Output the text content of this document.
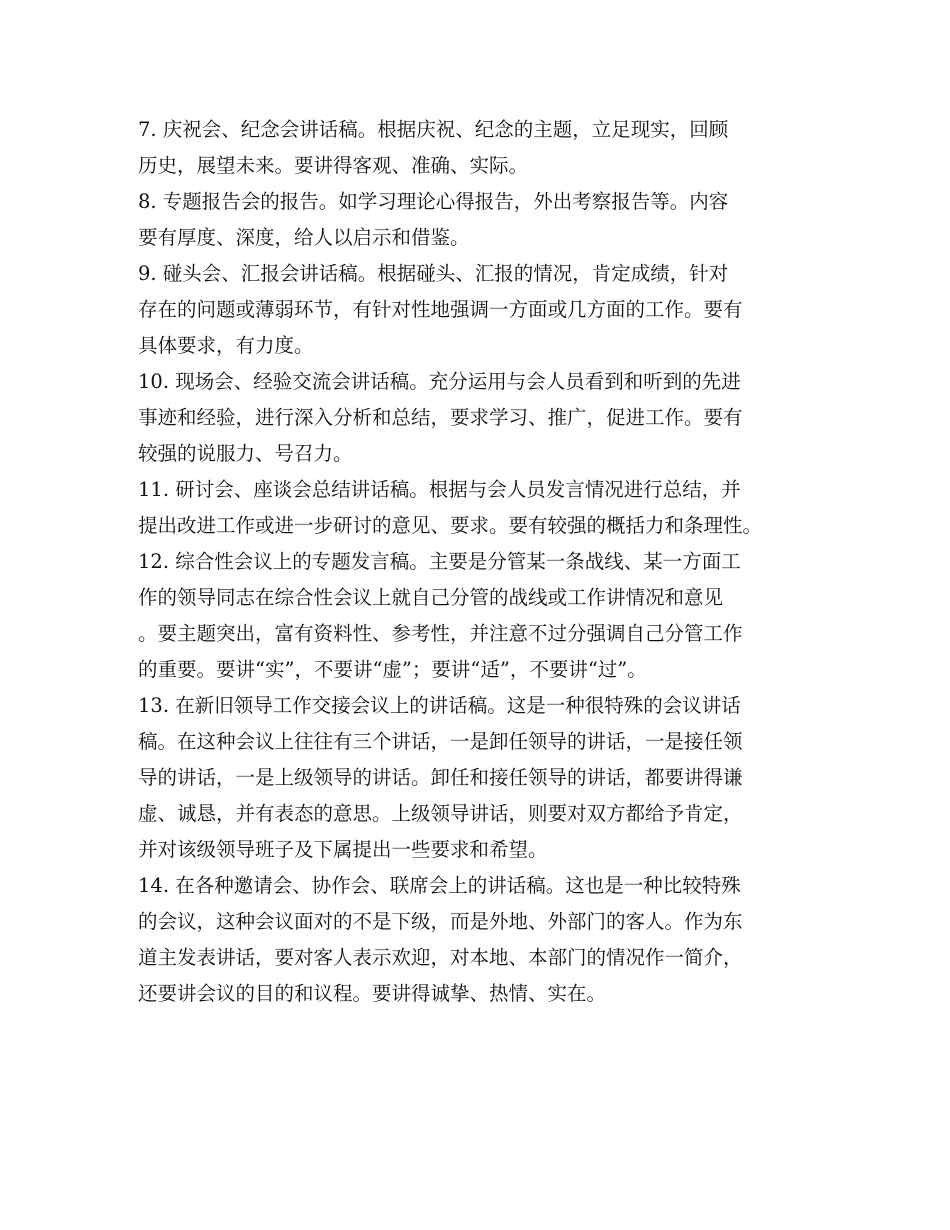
7. 庆祝会、纪念会讲话稿。根据庆祝、纪念的主题，立足现实，回顾
历史，展望未来。要讲得客观、准确、实际。
8. 专题报告会的报告。如学习理论心得报告，外出考察报告等。内容
要有厚度、深度，给人以启示和借鉴。
9. 碰头会、汇报会讲话稿。根据碰头、汇报的情况，肯定成绩，针对
存在的问题或薄弱环节，有针对性地强调一方面或几方面的工作。要有
具体要求，有力度。
10. 现场会、经验交流会讲话稿。充分运用与会人员看到和听到的先进
事迹和经验，进行深入分析和总结，要求学习、推广，促进工作。要有
较强的说服力、号召力。
11. 研讨会、座谈会总结讲话稿。根据与会人员发言情况进行总结，并
提出改进工作或进一步研讨的意见、要求。要有较强的概括力和条理性。
12. 综合性会议上的专题发言稿。主要是分管某一条战线、某一方面工
作的领导同志在综合性会议上就自己分管的战线或工作讲情况和意见
。要主题突出，富有资料性、参考性，并注意不过分强调自己分管工作
的重要。要讲“实”，不要讲“虚”；要讲“适”，不要讲“过”。
13. 在新旧领导工作交接会议上的讲话稿。这是一种很特殊的会议讲话
稿。在这种会议上往往有三个讲话，一是卸任领导的讲话，一是接任领
导的讲话，一是上级领导的讲话。卸任和接任领导的讲话，都要讲得谦
虚、诚恳，并有表态的意思。上级领导讲话，则要对双方都给予肯定，
并对该级领导班子及下属提出一些要求和希望。
14. 在各种邀请会、协作会、联席会上的讲话稿。这也是一种比较特殊
的会议，这种会议面对的不是下级，而是外地、外部门的客人。作为东
道主发表讲话，要对客人表示欢迎，对本地、本部门的情况作一简介，
还要讲会议的目的和议程。要讲得诚挚、热情、实在。
